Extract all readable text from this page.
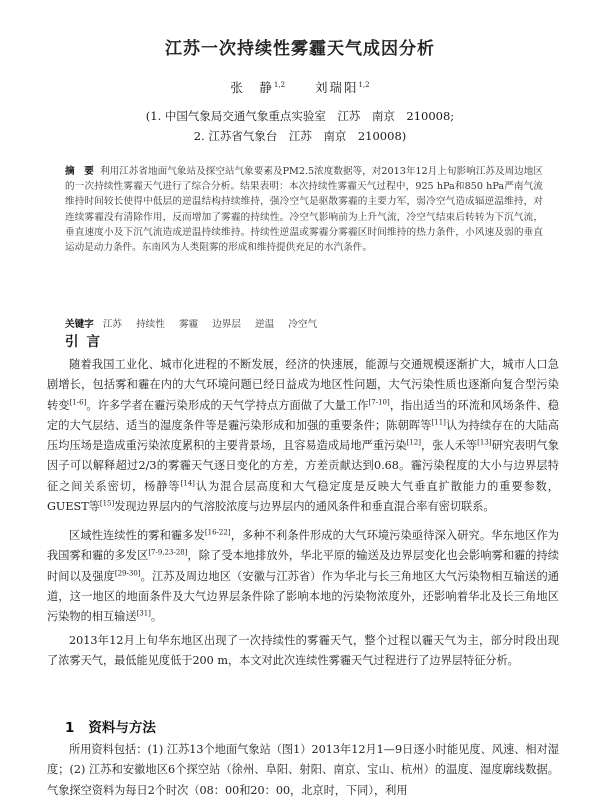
江苏一次持续性雾霾天气成因分析
张　静$^{1,2}$ 刘瑞阳$^{1,2}$
(1. 中国气象局交通气象重点实验室　江苏　南京　210008;
2. 江苏省气象台　江苏　南京　210008)
摘　要 利用江苏省地面气象站及探空站气象要素及PM2.5浓度数据等，对2013年12月上旬影响江苏及周边地区的一次持续性雾霾天气进行了综合分析。结果表明：本次持续性雾霾天气过程中，925 hPa和850 hPa严南气流维持时间较长使得中低层的逆温结构持续维持，强冷空气是驱散雾霾的主要力军，弱冷空气造成辐逆温维持，对连续雾霾没有清除作用，反而增加了雾霾的持续性。冷空气影响前为上升气流，冷空气结束后转转为下沉气流，垂直速度小及下沉气流造成逆温持续维持。持续性逆温或雾霾分雾霾区时间维持的热力条件，小风速及弱的垂直运动是动力条件。东南风为人类阻雾的形成和维持提供充足的水汽条件。
关键字 江苏 持续性 雾霾 边界层 逆温 冷空气
引言
随着我国工业化、城市化进程的不断发展，经济的快速展，能源与交通规模逐渐扩大，城市人口急剧增长，包括雾和霾在内的大气环境问题已经日益成为地区性问题，大气污染性质也逐渐向复合型污染转变[1-6]。许多学者在霾污染形成的天气学持点方面做了大量工作[7-10]，指出适当的环流和风场条件、稳定的大气层结、适当的湿度条件等是霾污染形成和加强的重要条件；陈朝晖等[11]认为持续存在的大陆高压均压场是造成重污染浓度累积的主要背景场，且容易造成局地严重污染[12]，张人禾等[13]研究表明气象因子可以解释超过2/3的雾霾天气逐日变化的方差，方差贡献达到0.68。霾污染程度的大小与边界层特征之间关系密切，杨静等[14]认为混合层高度和大气稳定度是反映大气垂直扩散能力的重要参数，GUEST等[15]发现边界层内的气溶胶浓度与边界层内的通风条件和垂直混合率有密切联系。
区域性连续性的雾和霾多发[16-22]，多种不利条件形成的大气环境污染亟待深入研究。华东地区作为我国雾和霾的多发区[7-9,23-28]，除了受本地排放外，华北平原的输送及边界层变化也会影响雾和霾的持续时间以及强度[29-30]。江苏及周边地区（安徽与江苏省）作为华北与长三角地区大气污染物相互输送的通道，这一地区的地面条件及大气边界层条件除了影响本地的污染物浓度外，还影响着华北及长三角地区污染物的相互输送[31]。
2013年12月上旬华东地区出现了一次持续性的雾霾天气，整个过程以霾天气为主，部分时段出现了浓雾天气，最低能见度低于200 m，本文对此次连续性雾霾天气过程进行了边界层特征分析。
1 资料与方法
所用资料包括：(1) 江苏13个地面气象站（图1）2013年12月1—9日逐小时能见度、风速、相对湿度；(2) 江苏和安徽地区6个探空站（徐州、阜阳、射阳、南京、宝山、杭州）的温度、湿度廓线数据。气象探空资料为每日2个时次（08：00和20：00，北京时，下同），利用
